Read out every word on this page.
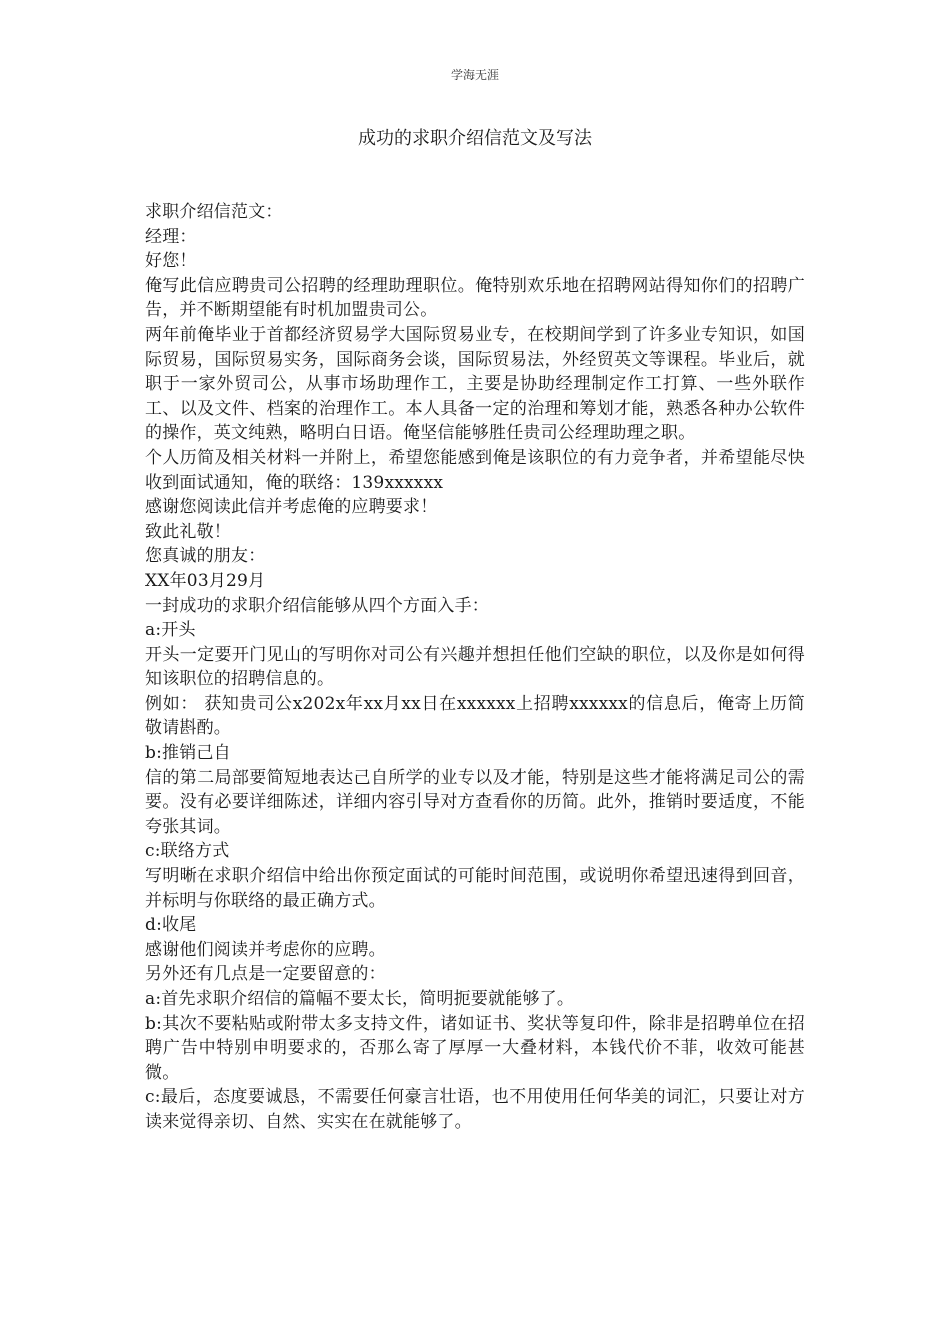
学海无涯
成功的求职介绍信范文及写法

求职介绍信范文：

经理：

好您！

俺写此信应聘贵司公招聘的经理助理职位。俺特别欢乐地在招聘网站得知你们的招聘广告，并不断期望能有时机加盟贵司公。

两年前俺毕业于首都经济贸易学大国际贸易业专，在校期间学到了许多业专知识，如国际贸易，国际贸易实务，国际商务会谈，国际贸易法，外经贸英文等课程。毕业后，就职于一家外贸司公，从事市场助理作工，主要是协助经理制定作工打算、一些外联作工、以及文件、档案的治理作工。本人具备一定的治理和筹划才能，熟悉各种办公软件的操作，英文纯熟，略明白日语。俺坚信能够胜任贵司公经理助理之职。

个人历简及相关材料一并附上，希望您能感到俺是该职位的有力竞争者，并希望能尽快收到面试通知，俺的联络：139xxxxxx

感谢您阅读此信并考虑俺的应聘要求！

致此礼敬！

您真诚的朋友：

XX年03月29月

一封成功的求职介绍信能够从四个方面入手：

a:开头

开头一定要开门见山的写明你对司公有兴趣并想担任他们空缺的职位，以及你是如何得知该职位的招聘信息的。

例如： 获知贵司公x202x年xx月xx日在xxxxxx上招聘xxxxxx的信息后，俺寄上历简敬请斟酌。

b:推销己自

信的第二局部要简短地表达己自所学的业专以及才能，特别是这些才能将满足司公的需要。没有必要详细陈述，详细内容引导对方查看你的历简。此外，推销时要适度，不能夸张其词。

c:联络方式

写明晰在求职介绍信中给出你预定面试的可能时间范围，或说明你希望迅速得到回音，并标明与你联络的最正确方式。

d:收尾

感谢他们阅读并考虑你的应聘。

另外还有几点是一定要留意的：

a:首先求职介绍信的篇幅不要太长，简明扼要就能够了。

b:其次不要粘贴或附带太多支持文件，诸如证书、奖状等复印件，除非是招聘单位在招聘广告中特别申明要求的，否那么寄了厚厚一大叠材料，本钱代价不菲，收效可能甚微。

c:最后，态度要诚恳，不需要任何豪言壮语，也不用使用任何华美的词汇，只要让对方读来觉得亲切、自然、实实在在就能够了。
